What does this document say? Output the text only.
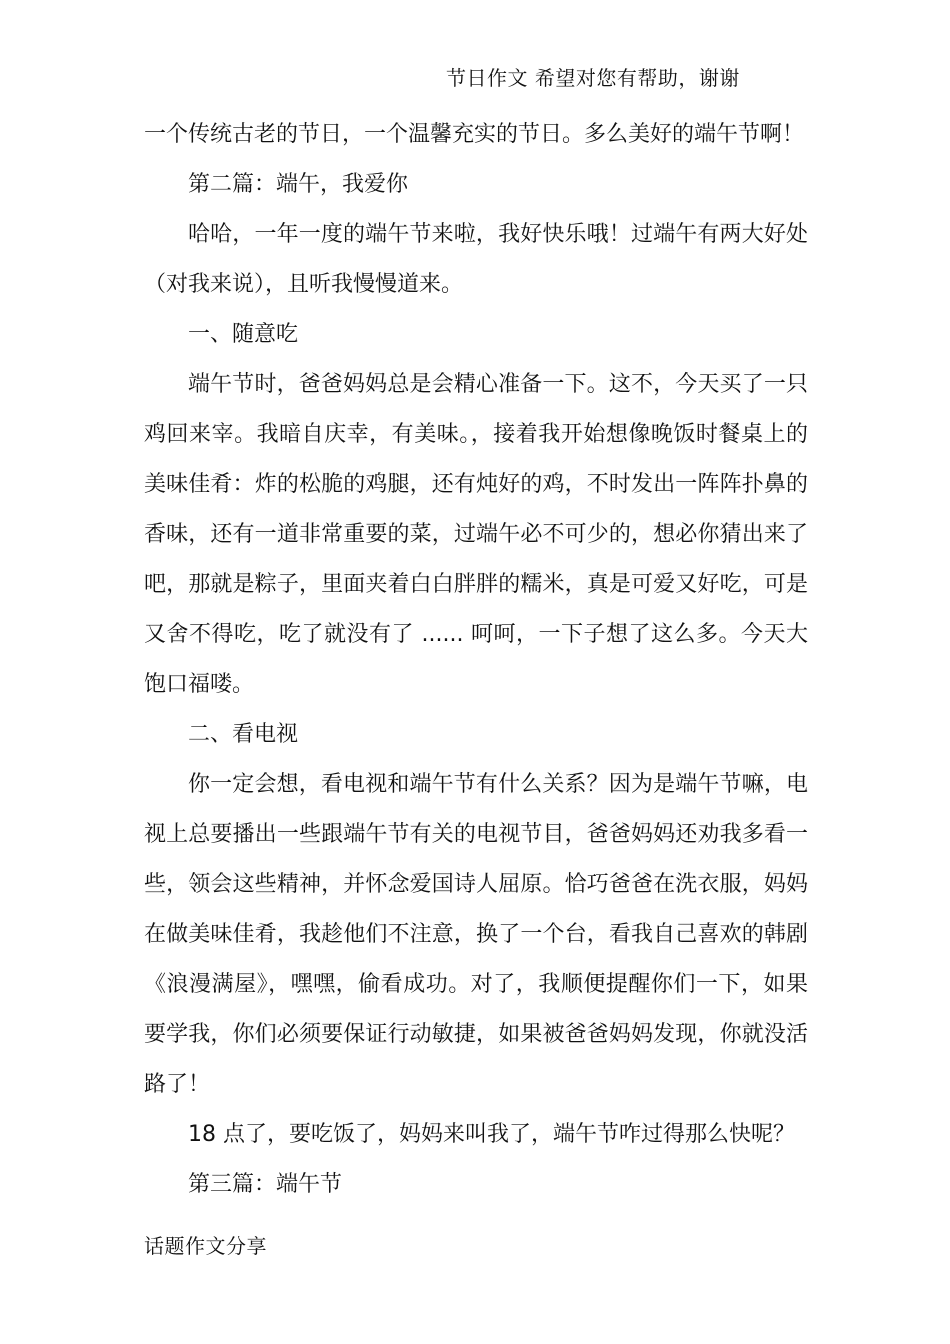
节日作文 希望对您有帮助，谢谢

一个传统古老的节日，一个温馨充实的节日。多么美好的端午节啊！

第二篇：端午，我爱你

哈哈，一年一度的端午节来啦，我好快乐哦！过端午有两大好处（对我来说），且听我慢慢道来。

一、随意吃

端午节时，爸爸妈妈总是会精心准备一下。这不，今天买了一只鸡回来宰。我暗自庆幸，有美味。，接着我开始想像晚饭时餐桌上的美味佳肴：炸的松脆的鸡腿，还有炖好的鸡，不时发出一阵阵扑鼻的香味，还有一道非常重要的菜，过端午必不可少的，想必你猜出来了吧，那就是粽子，里面夹着白白胖胖的糯米，真是可爱又好吃，可是又舍不得吃，吃了就没有了 ...... 呵呵，一下子想了这么多。今天大饱口福喽。

二、看电视

你一定会想，看电视和端午节有什么关系？因为是端午节嘛，电视上总要播出一些跟端午节有关的电视节目，爸爸妈妈还劝我多看一些，领会这些精神，并怀念爱国诗人屈原。恰巧爸爸在洗衣服，妈妈在做美味佳肴，我趁他们不注意，换了一个台，看我自己喜欢的韩剧《浪漫满屋》，嘿嘿，偷看成功。对了，我顺便提醒你们一下，如果要学我，你们必须要保证行动敏捷，如果被爸爸妈妈发现，你就没活路了！

18 点了，要吃饭了，妈妈来叫我了，端午节咋过得那么快呢？

第三篇：端午节

话题作文分享
